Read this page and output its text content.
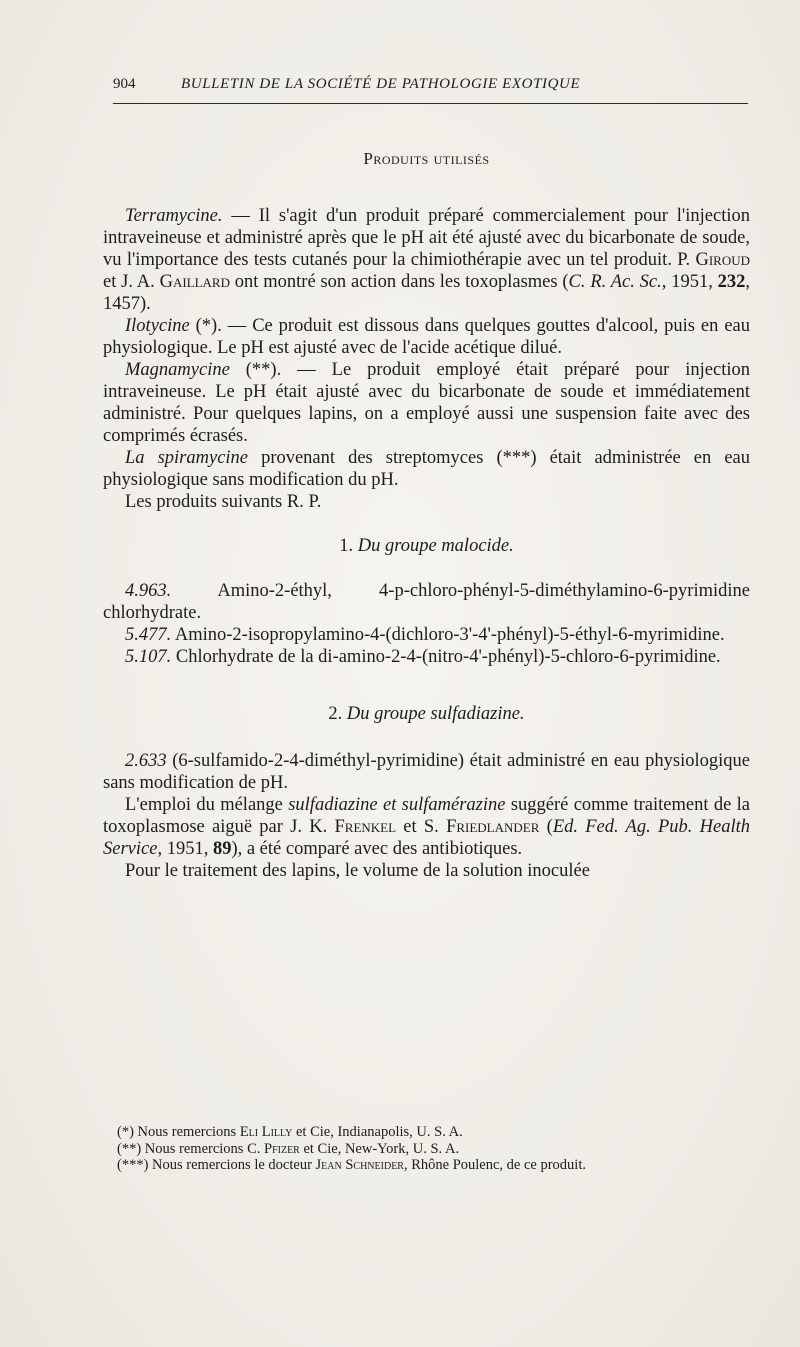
904	BULLETIN DE LA SOCIÉTÉ DE PATHOLOGIE EXOTIQUE

Produits utilisés

Terramycine. — Il s'agit d'un produit préparé commercialement pour l'injection intraveineuse et administré après que le pH ait été ajusté avec du bicarbonate de soude, vu l'importance des tests cutanés pour la chimiothérapie avec un tel produit. P. Giroud et J. A. Gaillard ont montré son action dans les toxoplasmes (C. R. Ac. Sc., 1951, 232, 1457).

Ilotycine (*). — Ce produit est dissous dans quelques gouttes d'alcool, puis en eau physiologique. Le pH est ajusté avec de l'acide acétique dilué.

Magnamycine (**). — Le produit employé était préparé pour injection intraveineuse. Le pH était ajusté avec du bicarbonate de soude et immédiatement administré. Pour quelques lapins, on a employé aussi une suspension faite avec des comprimés écrasés.

La spiramycine provenant des streptomyces (***) était administrée en eau physiologique sans modification du pH.

Les produits suivants R. P.

1. Du groupe malocide.

4.963. Amino-2-éthyl, 4-p-chloro-phényl-5-diméthylamino-6-pyrimidine chlorhydrate.

5.477. Amino-2-isopropylamino-4-(dichloro-3'-4'-phényl)-5-éthyl-6-myrimidine.

5.107. Chlorhydrate de la di-amino-2-4-(nitro-4'-phényl)-5-chloro-6-pyrimidine.

2. Du groupe sulfadiazine.

2.633 (6-sulfamido-2-4-diméthyl-pyrimidine) était administré en eau physiologique sans modification de pH.

L'emploi du mélange sulfadiazine et sulfamérazine suggéré comme traitement de la toxoplasmose aiguë par J. K. Frenkel et S. Friedlander (Ed. Fed. Ag. Pub. Health Service, 1951, 89), a été comparé avec des antibiotiques.

Pour le traitement des lapins, le volume de la solution inoculée

(*) Nous remercions Eli Lilly et Cie, Indianapolis, U. S. A.

(**) Nous remercions C. Pfizer et Cie, New-York, U. S. A.

(***) Nous remercions le docteur Jean Schneider, Rhône Poulenc, de ce produit.
